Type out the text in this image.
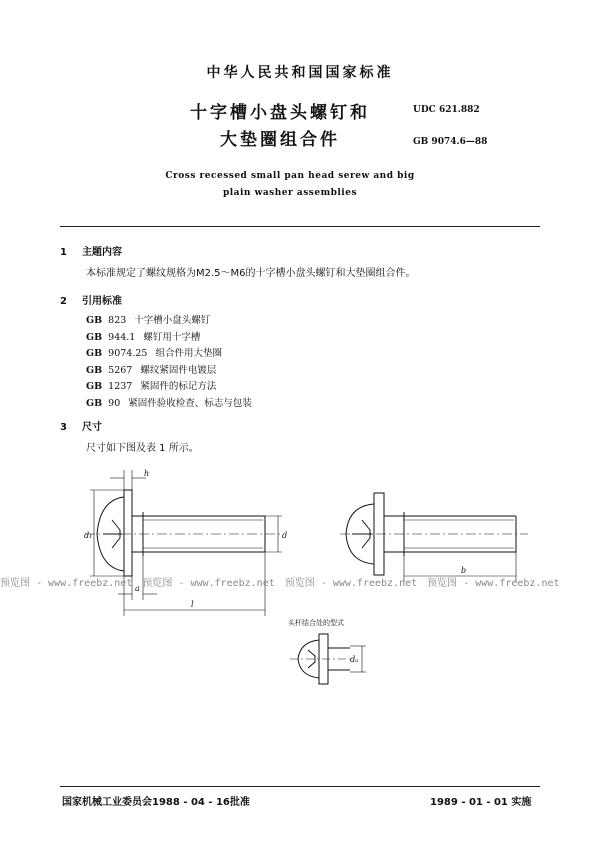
中华人民共和国国家标准
十字槽小盘头螺钉和
大垫圈组合件
UDC 621.882
GB 9074.6—88
Cross recessed small pan head serew and big
plain washer assemblies
1 主题内容
本标准规定了螺纹规格为M2.5～M6的十字槽小盘头螺钉和大垫圈组合件。
2 引用标准
GB 823 十字槽小盘头螺钉
GB 944.1 螺钉用十字槽
GB 9074.25 组合件用大垫圈
GB 5267 螺纹紧固件电镀层
GB 1237 紧固件的标记方法
GB 90 紧固件验收检查、标志与包装
3 尺寸
尺寸如下图及表 1 所示。
h
d₁	d
a
l
b
头杆结合处的型式
dₐ
预览图 - www.freebz.net 预览图 - www.freebz.net 预览图 - www.freebz.net 预览图 - www.freebz.net
国家机械工业委员会1988 - 04 - 16批准	1989 - 01 - 01 实施
